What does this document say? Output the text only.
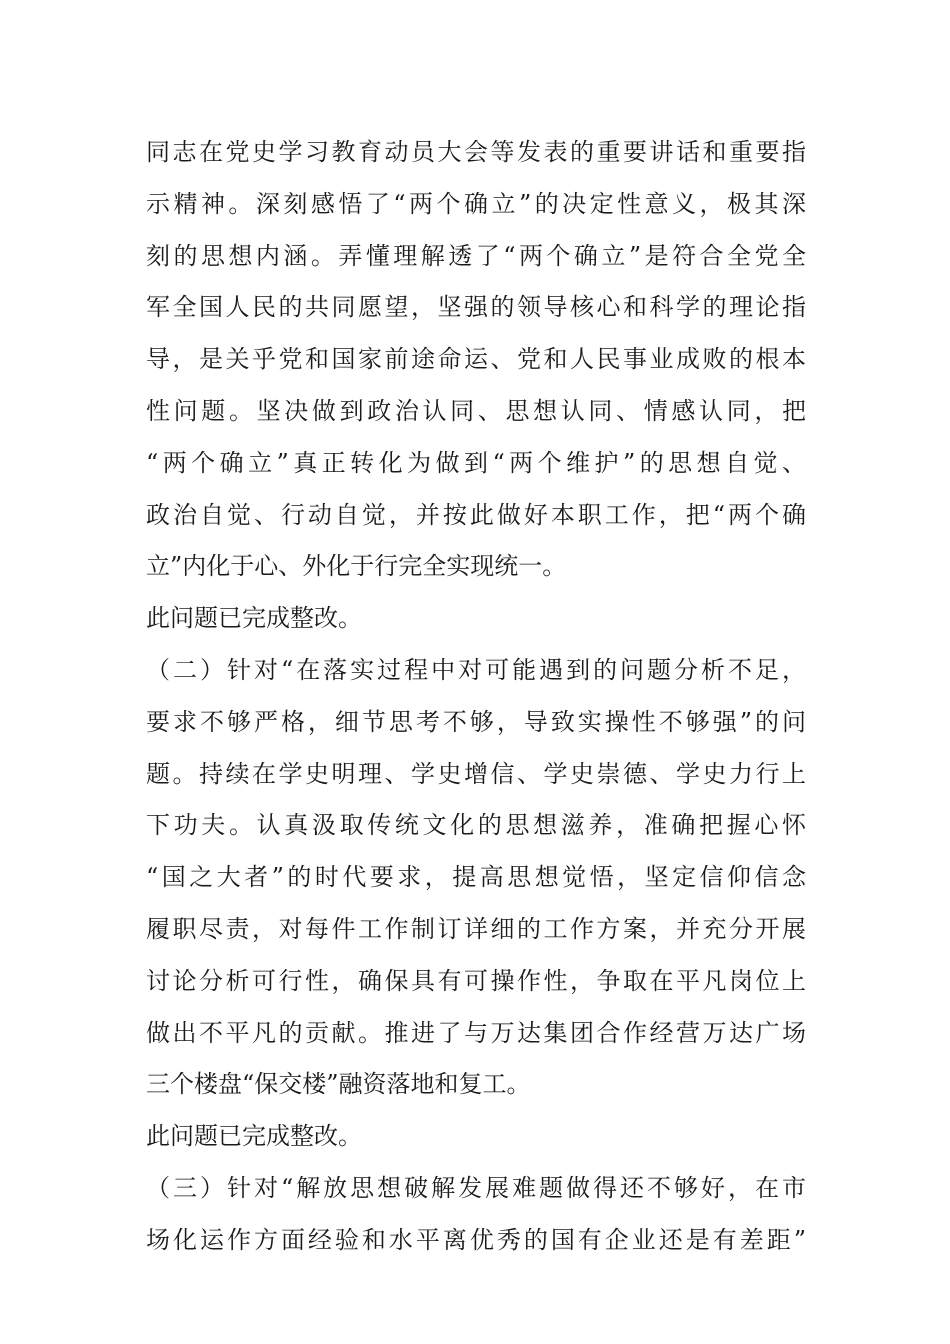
同志在党史学习教育动员大会等发表的重要讲话和重要指
示精神。深刻感悟了“两个确立”的决定性意义，极其深
刻的思想内涵。弄懂理解透了“两个确立”是符合全党全
军全国人民的共同愿望，坚强的领导核心和科学的理论指
导，是关乎党和国家前途命运、党和人民事业成败的根本
性问题。坚决做到政治认同、思想认同、情感认同，把
“两个确立”真正转化为做到“两个维护”的思想自觉、
政治自觉、行动自觉，并按此做好本职工作，把“两个确
立”内化于心、外化于行完全实现统一。
此问题已完成整改。
（二）针对“在落实过程中对可能遇到的问题分析不足，
要求不够严格，细节思考不够，导致实操性不够强”的问
题。持续在学史明理、学史增信、学史崇德、学史力行上
下功夫。认真汲取传统文化的思想滋养，准确把握心怀
“国之大者”的时代要求，提高思想觉悟，坚定信仰信念
履职尽责，对每件工作制订详细的工作方案，并充分开展
讨论分析可行性，确保具有可操作性，争取在平凡岗位上
做出不平凡的贡献。推进了与万达集团合作经营万达广场
三个楼盘“保交楼”融资落地和复工。
此问题已完成整改。
（三）针对“解放思想破解发展难题做得还不够好，在市
场化运作方面经验和水平离优秀的国有企业还是有差距”
